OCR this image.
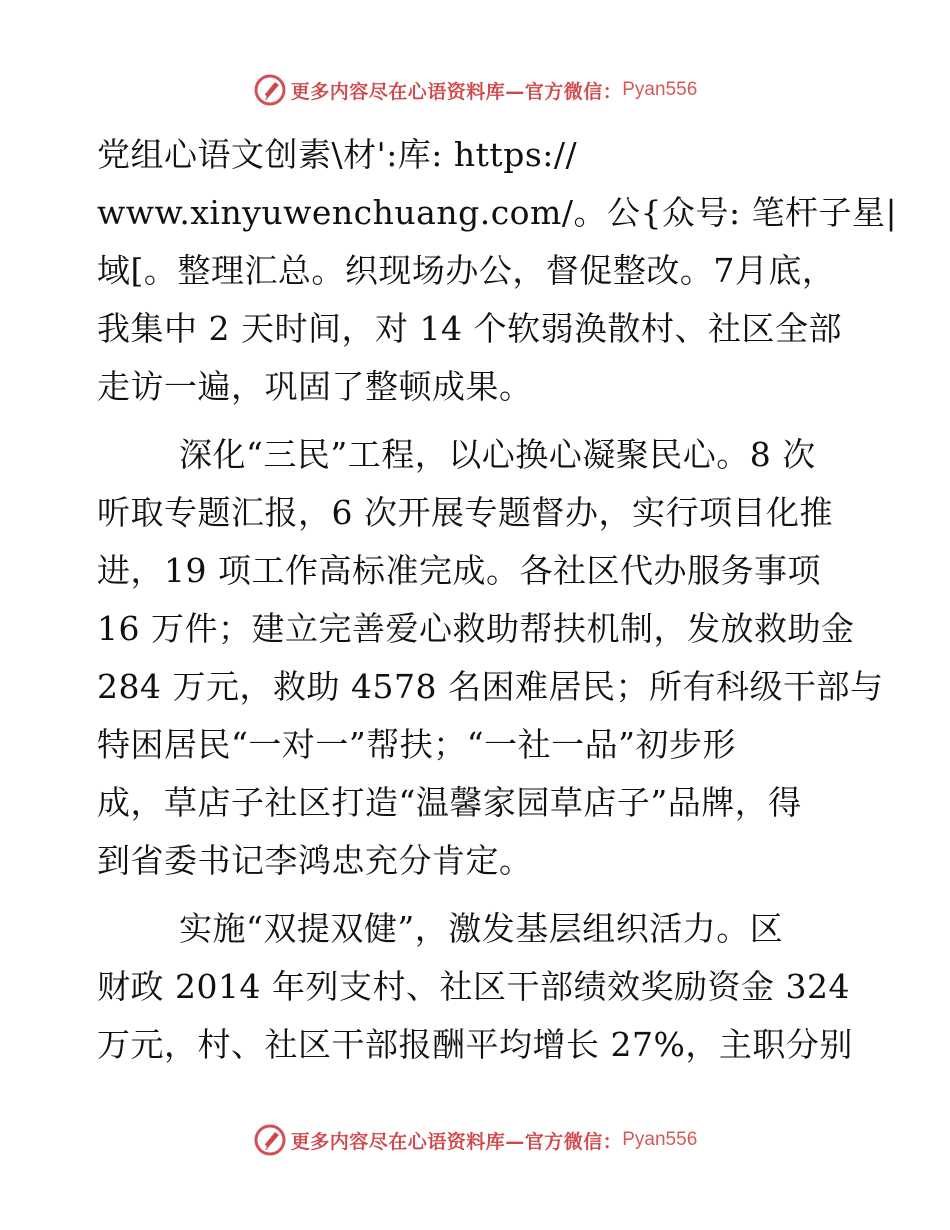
更多内容尽在心语资料库—官方微信： Pyan556
党组心语文创素\材':库: https://
www.xinyuwenchuang.com/。公{众号: 笔杆子星|
域[。整理汇总。织现场办公，督促整改。7月底，
我集中 2 天时间，对 14 个软弱涣散村、社区全部
走访一遍，巩固了整顿成果。
深化“三民”工程，以心换心凝聚民心。8 次
听取专题汇报，6 次开展专题督办，实行项目化推
进，19 项工作高标准完成。各社区代办服务事项
16 万件；建立完善爱心救助帮扶机制，发放救助金
284 万元，救助 4578 名困难居民；所有科级干部与
特困居民“一对一”帮扶；“一社一品”初步形
成，草店子社区打造“温馨家园草店子”品牌，得
到省委书记李鸿忠充分肯定。
实施“双提双健”，激发基层组织活力。区
财政 2014 年列支村、社区干部绩效奖励资金 324
万元，村、社区干部报酬平均增长 27%，主职分别
更多内容尽在心语资料库—官方微信： Pyan556
